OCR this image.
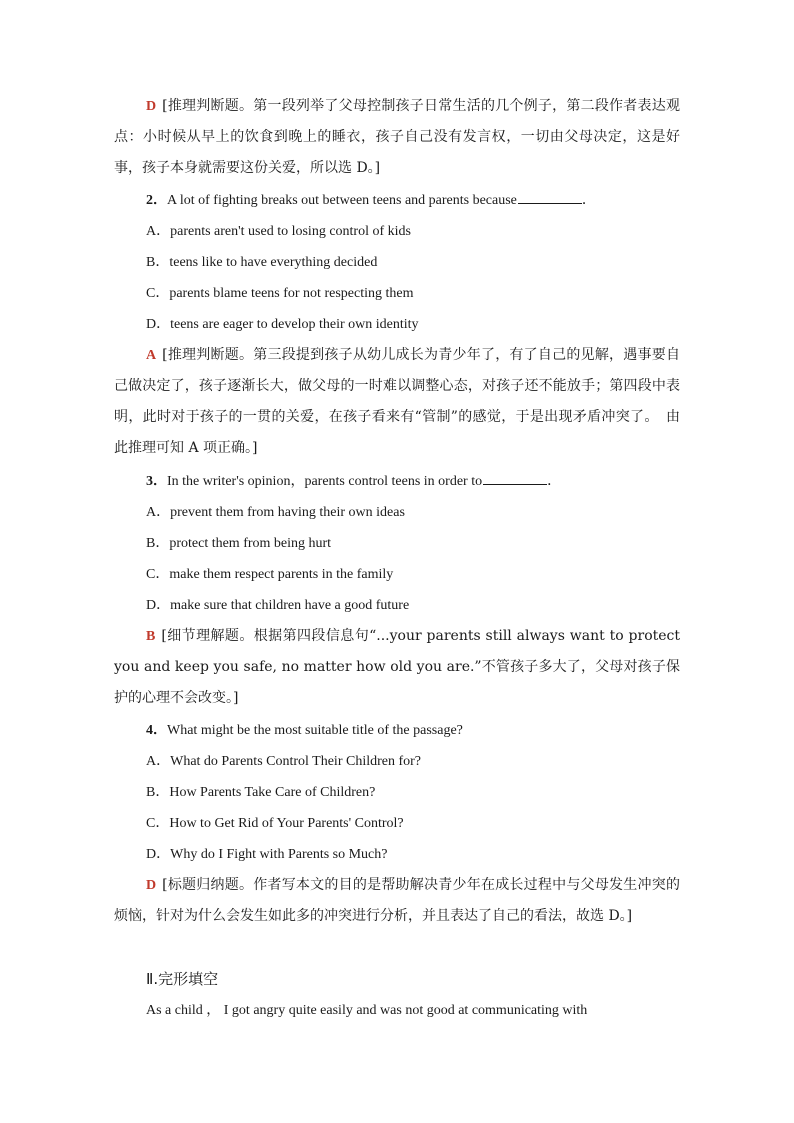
D [推理判断题。第一段列举了父母控制孩子日常生活的几个例子，第二段作者表达观点：小时候从早上的饮食到晚上的睡衣，孩子自己没有发言权，一切由父母决定，这是好事，孩子本身就需要这份关爱，所以选 D。]

2．A lot of fighting breaks out between teens and parents because	．

A．parents aren't used to losing control of kids

B．teens like to have everything decided

C．parents blame teens for not respecting them

D．teens are eager to develop their own identity

A [推理判断题。第三段提到孩子从幼儿成长为青少年了，有了自己的见解，遇事要自己做决定了，孩子逐渐长大，做父母的一时难以调整心态，对孩子还不能放手；第四段中表明，此时对于孩子的一贯的关爱，在孩子看来有“管制”的感觉，于是出现矛盾冲突了。　由此推理可知 A 项正确。]

3．In the writer's opinion，parents control teens in order to	．

A．prevent them from having their own ideas

B．protect them from being hurt

C．make them respect parents in the family

D．make sure that children have a good future

B [细节理解题。根据第四段信息句“...your parents still always want to protect you and keep you safe, no matter how old you are.”不管孩子多大了，父母对孩子保护的心理不会改变。]

4．What might be the most suitable title of the passage?

A．What do Parents Control Their Children for?

B．How Parents Take Care of Children?

C．How to Get Rid of Your Parents' Control?

D．Why do I Fight with Parents so Much?

D [标题归纳题。作者写本文的目的是帮助解决青少年在成长过程中与父母发生冲突的烦恼，针对为什么会发生如此多的冲突进行分析，并且表达了自己的看法，故选 D。]

Ⅱ.完形填空

As a child ， I got angry quite easily and was not good at communicating with
